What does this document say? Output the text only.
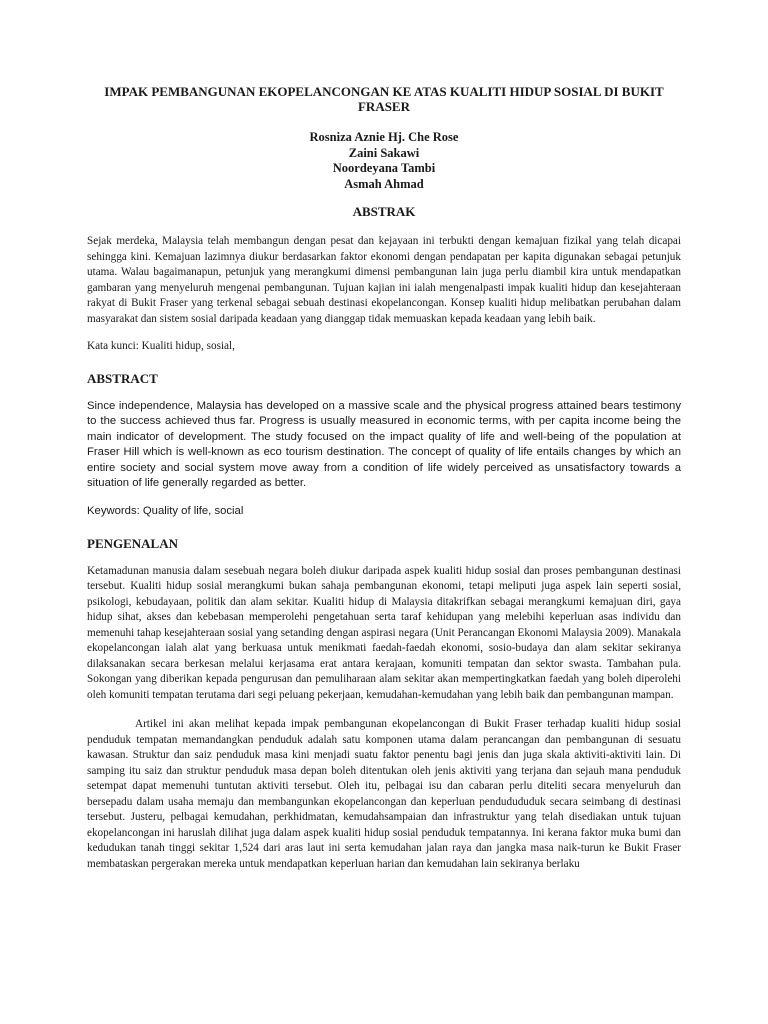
IMPAK PEMBANGUNAN EKOPELANCONGAN KE ATAS KUALITI HIDUP SOSIAL DI BUKIT FRASER
Rosniza Aznie Hj. Che Rose
Zaini Sakawi
Noordeyana Tambi
Asmah Ahmad
ABSTRAK

Sejak merdeka, Malaysia telah membangun dengan pesat dan kejayaan ini terbukti dengan kemajuan fizikal yang telah dicapai sehingga kini. Kemajuan lazimnya diukur berdasarkan faktor ekonomi dengan pendapatan per kapita digunakan sebagai petunjuk utama. Walau bagaimanapun, petunjuk yang merangkumi dimensi pembangunan lain juga perlu diambil kira untuk mendapatkan gambaran yang menyeluruh mengenai pembangunan. Tujuan kajian ini ialah mengenalpasti impak kualiti hidup dan kesejahteraan rakyat di Bukit Fraser yang terkenal sebagai sebuah destinasi ekopelancongan. Konsep kualiti hidup melibatkan perubahan dalam masyarakat dan sistem sosial daripada keadaan yang dianggap tidak memuaskan kepada keadaan yang lebih baik.

Kata kunci: Kualiti hidup, sosial,

ABSTRACT

Since independence, Malaysia has developed on a massive scale and the physical progress attained bears testimony to the success achieved thus far. Progress is usually measured in economic terms, with per capita income being the main indicator of development. The study focused on the impact quality of life and well-being of the population at Fraser Hill which is well-known as eco tourism destination. The concept of quality of life entails changes by which an entire society and social system move away from a condition of life widely perceived as unsatisfactory towards a situation of life generally regarded as better.

Keywords: Quality of life, social

PENGENALAN

Ketamadunan manusia dalam sesebuah negara boleh diukur daripada aspek kualiti hidup sosial dan proses pembangunan destinasi tersebut. Kualiti hidup sosial merangkumi bukan sahaja pembangunan ekonomi, tetapi meliputi juga aspek lain seperti sosial, psikologi, kebudayaan, politik dan alam sekitar. Kualiti hidup di Malaysia ditakrifkan sebagai merangkumi kemajuan diri, gaya hidup sihat, akses dan kebebasan memperolehi pengetahuan serta taraf kehidupan yang melebihi keperluan asas individu dan memenuhi tahap kesejahteraan sosial yang setanding dengan aspirasi negara (Unit Perancangan Ekonomi Malaysia 2009). Manakala ekopelancongan ialah alat yang berkuasa untuk menikmati faedah-faedah ekonomi, sosio-budaya dan alam sekitar sekiranya dilaksanakan secara berkesan melalui kerjasama erat antara kerajaan, komuniti tempatan dan sektor swasta. Tambahan pula. Sokongan yang diberikan kepada pengurusan dan pemuliharaan alam sekitar akan mempertingkatkan faedah yang boleh diperolehi oleh komuniti tempatan terutama dari segi peluang pekerjaan, kemudahan-kemudahan yang lebih baik dan pembangunan mampan.

Artikel ini akan melihat kepada impak pembangunan ekopelancongan di Bukit Fraser terhadap kualiti hidup sosial penduduk tempatan memandangkan penduduk adalah satu komponen utama dalam perancangan dan pembangunan di sesuatu kawasan. Struktur dan saiz penduduk masa kini menjadi suatu faktor penentu bagi jenis dan juga skala aktiviti-aktiviti lain. Di samping itu saiz dan struktur penduduk masa depan boleh ditentukan oleh jenis aktiviti yang terjana dan sejauh mana penduduk setempat dapat memenuhi tuntutan aktiviti tersebut. Oleh itu, pelbagai isu dan cabaran perlu diteliti secara menyeluruh dan bersepadu dalam usaha memaju dan membangunkan ekopelancongan dan keperluan pendudududuk secara seimbang di destinasi tersebut. Justeru, pelbagai kemudahan, perkhidmatan, kemudahsampaian dan infrastruktur yang telah disediakan untuk tujuan ekopelancongan ini haruslah dilihat juga dalam aspek kualiti hidup sosial penduduk tempatannya. Ini kerana faktor muka bumi dan kedudukan tanah tinggi sekitar 1,524 dari aras laut ini serta kemudahan jalan raya dan jangka masa naik-turun ke Bukit Fraser membataskan pergerakan mereka untuk mendapatkan keperluan harian dan kemudahan lain sekiranya berlaku
